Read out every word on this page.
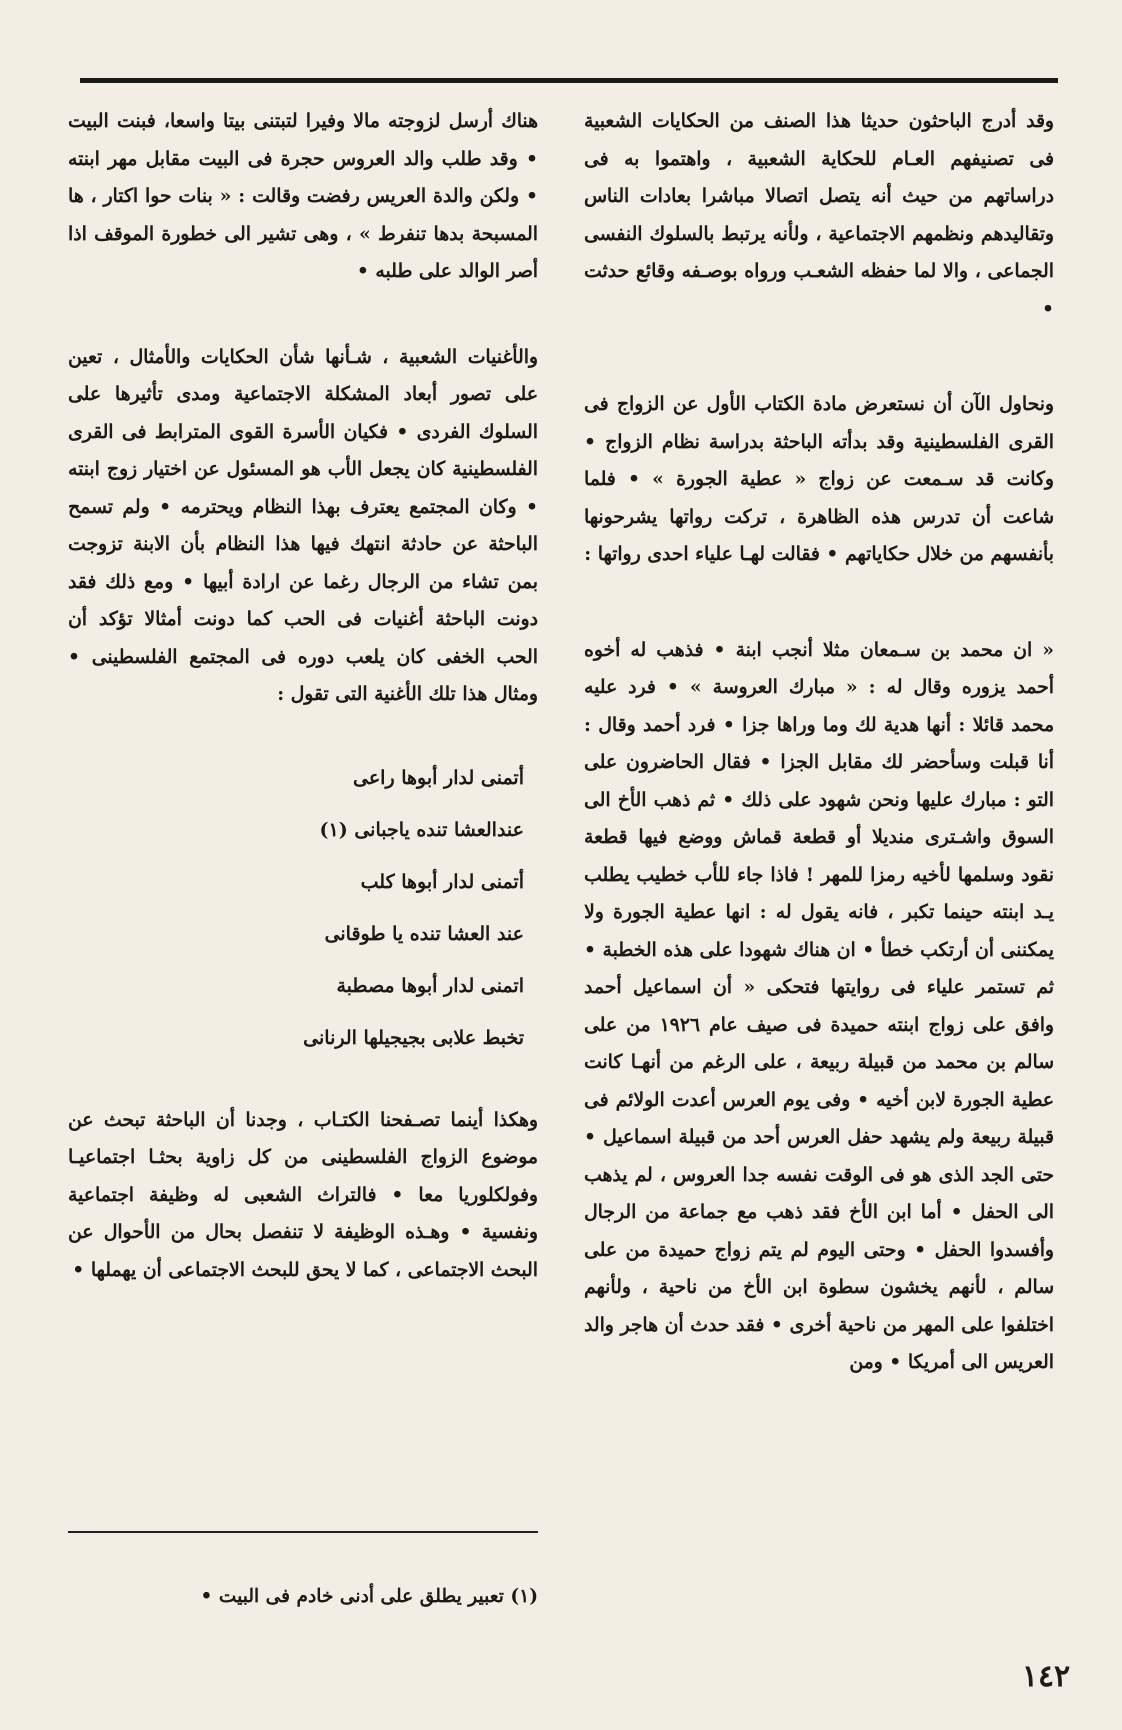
وقد أدرج الباحثون حديثا هذا الصنف من الحكايات الشعبية فى تصنيفهم العـام للحكاية الشعبية ، واهتموا به فى دراساتهم من حيث أنه يتصل اتصالا مباشرا بعادات الناس وتقاليدهم ونظمهم الاجتماعية ، ولأنه يرتبط بالسلوك النفسى الجماعى ، والا لما حفظه الشعـب ورواه بوصـفه وقائع حدثت •

ونحاول الآن أن نستعرض مادة الكتاب الأول عن الزواج فى القرى الفلسطينية وقد بدأته الباحثة بدراسة نظام الزواج • وكانت قد سـمعت عن زواج « عطية الجورة » • فلما شاعت أن تدرس هذه الظاهرة ، تركت رواتها يشرحونها بأنفسهم من خلال حكاياتهم • فقالت لهـا علياء احدى رواتها :

« ان محمد بن سـمعان مثلا أنجب ابنة • فذهب له أخوه أحمد يزوره وقال له : « مبارك العروسة » • فرد عليه محمد قائلا : أنها هدية لك وما وراها جزا • فرد أحمد وقال : أنا قبلت وسأحضر لك مقابل الجزا • فقال الحاضرون على التو : مبارك عليها ونحن شهود على ذلك • ثم ذهب الأخ الى السوق واشـترى منديلا أو قطعة قماش ووضع فيها قطعة نقود وسلمها لأخيه رمزا للمهر ! فاذا جاء للأب خطيب يطلب يـد ابنته حينما تكبر ، فانه يقول له : انها عطية الجورة ولا يمكننى أن أرتكب خطأ • ان هناك شهودا على هذه الخطبة • ثم تستمر علياء فى روايتها فتحكى « أن اسماعيل أحمد وافق على زواج ابنته حميدة فى صيف عام ١٩٢٦ من على سالم بن محمد من قبيلة ربيعة ، على الرغم من أنهـا كانت عطية الجورة لابن أخيه • وفى يوم العرس أعدت الولائم فى قبيلة ربيعة ولم يشهد حفل العرس أحد من قبيلة اسماعيل • حتى الجد الذى هو فى الوقت نفسه جدا العروس ، لم يذهب الى الحفل • أما ابن الأخ فقد ذهب مع جماعة من الرجال وأفسدوا الحفل • وحتى اليوم لم يتم زواج حميدة من على سالم ، لأنهم يخشون سطوة ابن الأخ من ناحية ، ولأنهم اختلفوا على المهر من ناحية أخرى • فقد حدث أن هاجر والد العريس الى أمريكا • ومن

هناك أرسل لزوجته مالا وفيرا لتبتنى بيتا واسعا، فبنت البيت • وقد طلب والد العروس حجرة فى البيت مقابل مهر ابنته • ولكن والدة العريس رفضت وقالت : « بنات حوا اكتار ، ها المسبحة بدها تنفرط » ، وهى تشير الى خطورة الموقف اذا أصر الوالد على طلبه •

والأغنيات الشعبية ، شـأنها شأن الحكايات والأمثال ، تعين على تصور أبعاد المشكلة الاجتماعية ومدى تأثيرها على السلوك الفردى • فكيان الأسرة القوى المترابط فى القرى الفلسطينية كان يجعل الأب هو المسئول عن اختيار زوج ابنته • وكان المجتمع يعترف بهذا النظام ويحترمه • ولم تسمح الباحثة عن حادثة انتهك فيها هذا النظام بأن الابنة تزوجت بمن تشاء من الرجال رغما عن ارادة أبيها • ومع ذلك فقد دونت الباحثة أغنيات فى الحب كما دونت أمثالا تؤكد أن الحب الخفى كان يلعب دوره فى المجتمع الفلسطينى • ومثال هذا تلك الأغنية التى تقول :

أتمنى لدار أبوها راعى

عندالعشا تنده ياجبانى (١)

أتمنى لدار أبوها كلب

عند العشا تنده يا طوقانى

اتمنى لدار أبوها مصطبة

تخبط علابى بجيجيلها الرنانى

وهكذا أينما تصـفحنا الكتـاب ، وجدنا أن الباحثة تبحث عن موضوع الزواج الفلسطينى من كل زاوية بحثـا اجتماعيـا وفولكلوريا معا • فالتراث الشعبى له وظيفة اجتماعية ونفسية • وهـذه الوظيفة لا تنفصل بحال من الأحوال عن البحث الاجتماعى ، كما لا يحق للبحث الاجتماعى أن يهملها •

(١) تعبير يطلق على أدنى خادم فى البيت •

١٤٢
